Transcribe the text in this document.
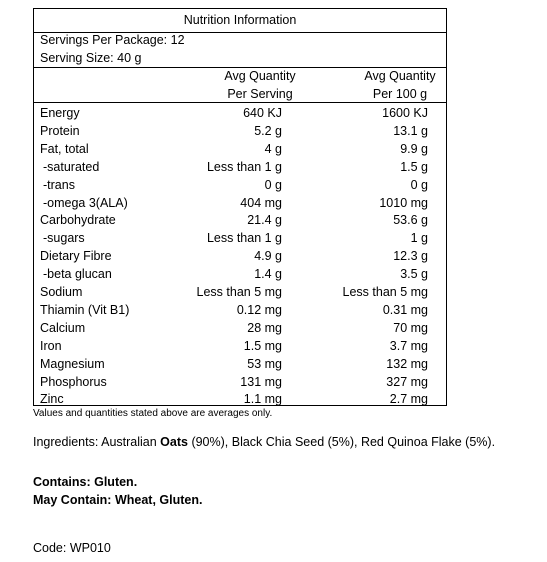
Nutrition Information
Servings Per Package: 12
Serving Size: 40 g
Avg Quantity
Per Serving
Avg Quantity
Per 100 g
Energy	640 KJ	1600 KJ
Protein	5.2 g	13.1 g
Fat, total	4 g	9.9 g
-saturated	Less than 1 g	1.5 g
-trans	0 g	0 g
-omega 3(ALA)	404 mg	1010 mg
Carbohydrate	21.4 g	53.6 g
-sugars	Less than 1 g	1 g
Dietary Fibre	4.9 g	12.3 g
-beta glucan	1.4 g	3.5 g
Sodium	Less than 5 mg	Less than 5 mg
Thiamin (Vit B1)	0.12 mg	0.31 mg
Calcium	28 mg	70 mg
Iron	1.5 mg	3.7 mg
Magnesium	53 mg	132 mg
Phosphorus	131 mg	327 mg
Zinc	1.1 mg	2.7 mg
Values and quantities stated above are averages only.
Ingredients: Australian Oats (90%), Black Chia Seed (5%), Red Quinoa Flake (5%).
Contains: Gluten.
May Contain: Wheat, Gluten.
Code: WP010
